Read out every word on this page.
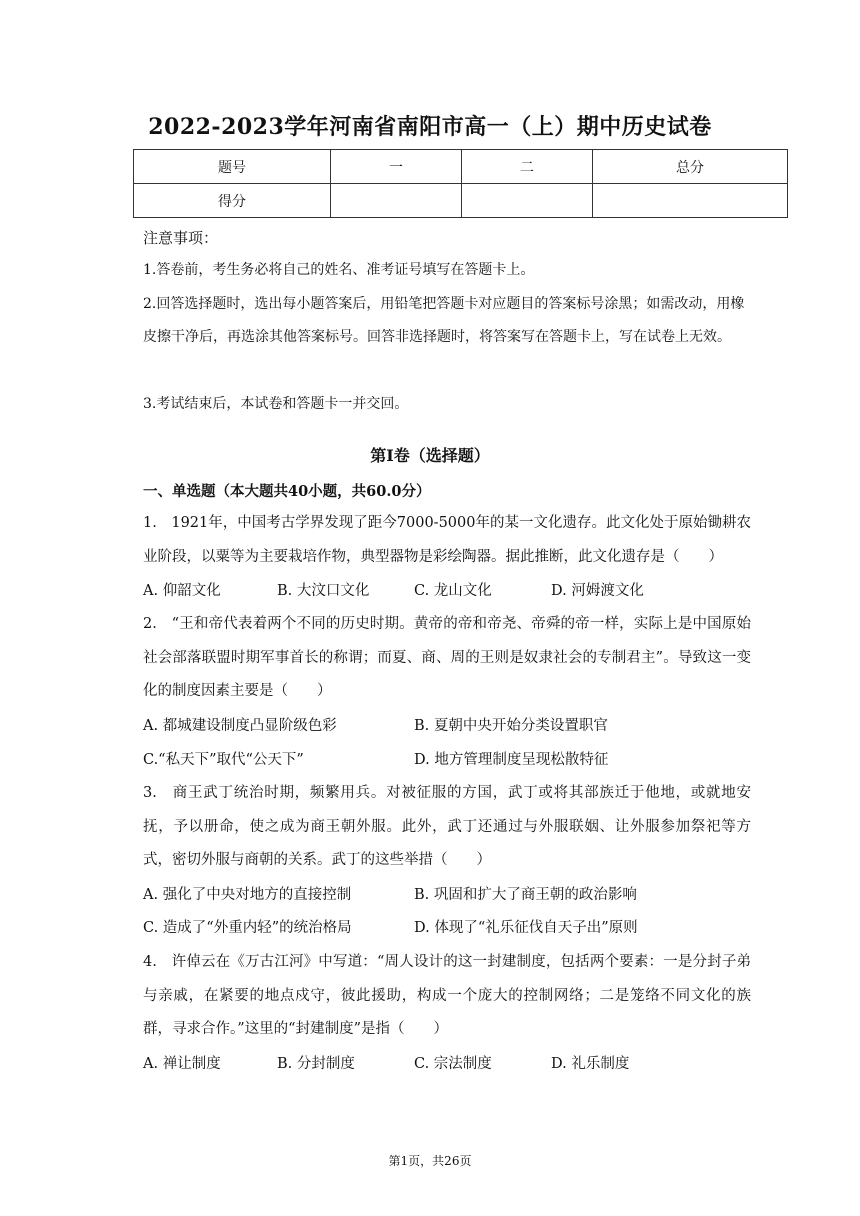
2022-2023学年河南省南阳市高一（上）期中历史试卷
题号	一	二	总分
得分			
注意事项：
1.答卷前，考生务必将自己的姓名、准考证号填写在答题卡上。
2.回答选择题时，选出每小题答案后，用铅笔把答题卡对应题目的答案标号涂黑；如需改动，用橡皮擦干净后，再选涂其他答案标号。回答非选择题时，将答案写在答题卡上，写在试卷上无效。
3.考试结束后，本试卷和答题卡一并交回。
第I卷（选择题）
一、单选题（本大题共40小题，共60.0分）
1.　1921年，中国考古学界发现了距今7000-5000年的某一文化遗存。此文化处于原始锄耕农业阶段，以粟等为主要栽培作物，典型器物是彩绘陶器。据此推断，此文化遗存是（　　）
A. 仰韶文化	B. 大汶口文化	C. 龙山文化	D. 河姆渡文化
2.　“王和帝代表着两个不同的历史时期。黄帝的帝和帝尧、帝舜的帝一样，实际上是中国原始社会部落联盟时期军事首长的称谓；而夏、商、周的王则是奴隶社会的专制君主”。导致这一变化的制度因素主要是（　　）
A. 都城建设制度凸显阶级色彩	B. 夏朝中央开始分类设置职官
C.“私天下”取代“公天下”	D. 地方管理制度呈现松散特征
3.　商王武丁统治时期，频繁用兵。对被征服的方国，武丁或将其部族迁于他地，或就地安抚，予以册命，使之成为商王朝外服。此外，武丁还通过与外服联姻、让外服参加祭祀等方式，密切外服与商朝的关系。武丁的这些举措（　　）
A. 强化了中央对地方的直接控制	B. 巩固和扩大了商王朝的政治影响
C. 造成了“外重内轻”的统治格局	D. 体现了“礼乐征伐自天子出”原则
4.　许倬云在《万古江河》中写道：“周人设计的这一封建制度，包括两个要素：一是分封子弟与亲戚，在紧要的地点戍守，彼此援助，构成一个庞大的控制网络；二是笼络不同文化的族群，寻求合作。”这里的“封建制度”是指（　　）
A. 禅让制度	B. 分封制度	C. 宗法制度	D. 礼乐制度
第1页，共26页
